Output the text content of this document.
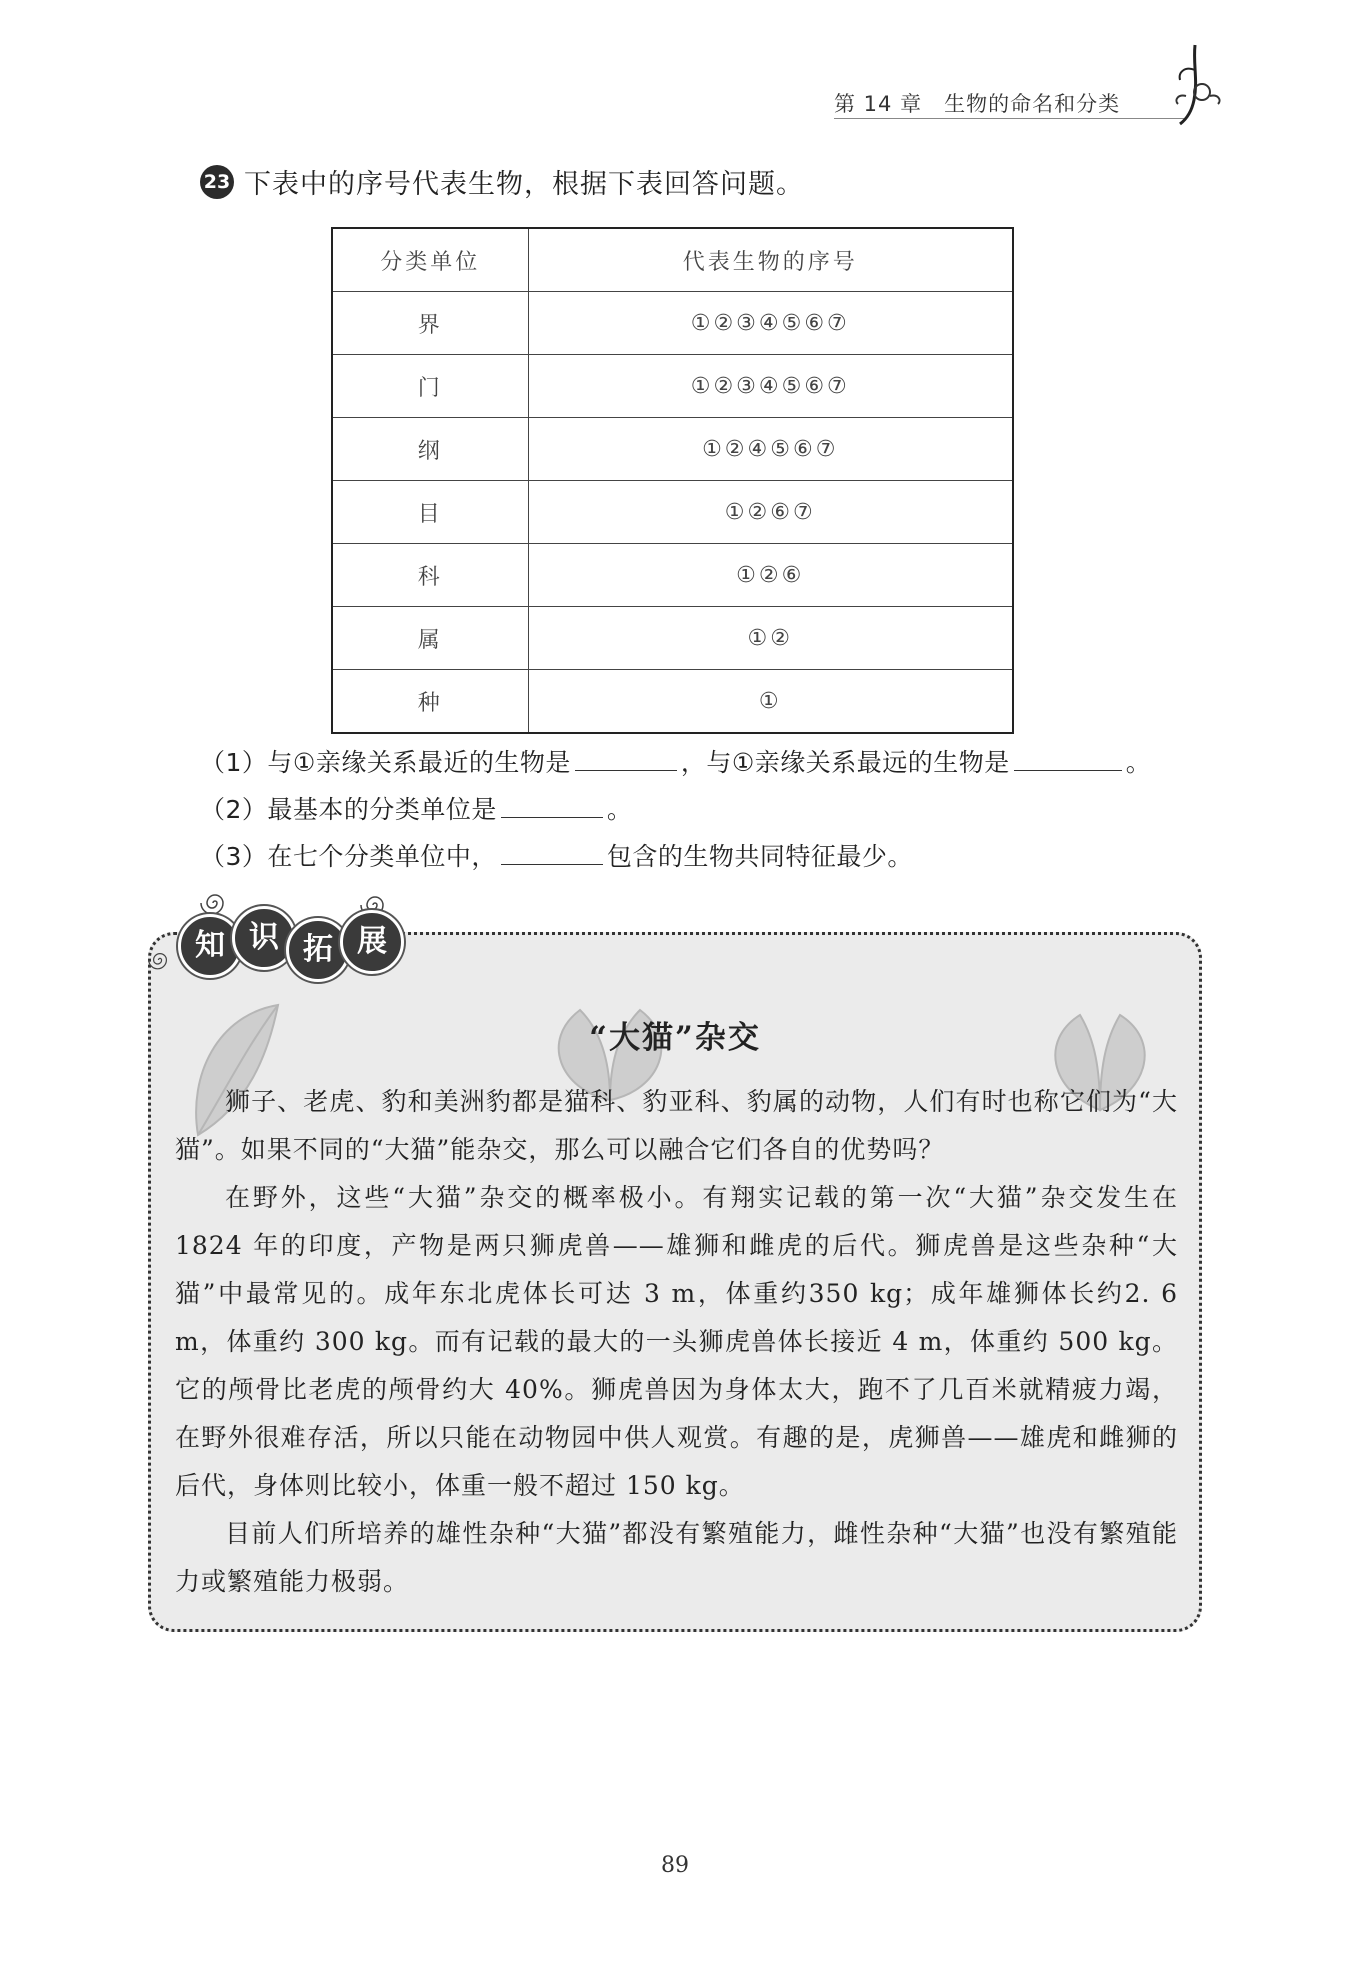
第 14 章 生物的命名和分类
23 下表中的序号代表生物，根据下表回答问题。
分类单位	代表生物的序号
界	①②③④⑤⑥⑦
门	①②③④⑤⑥⑦
纲	①②④⑤⑥⑦
目	①②⑥⑦
科	①②⑥
属	①②
种	①
（1）与①亲缘关系最近的生物是	，与①亲缘关系最远的生物是	。
（2）最基本的分类单位是	。
（3）在七个分类单位中，	包含的生物共同特征最少。
知 识 拓 展
“大猫”杂交

狮子、老虎、豹和美洲豹都是猫科、豹亚科、豹属的动物，人们有时也称它们为“大猫”。如果不同的“大猫”能杂交，那么可以融合它们各自的优势吗？

在野外，这些“大猫”杂交的概率极小。有翔实记载的第一次“大猫”杂交发生在1824 年的印度，产物是两只狮虎兽——雄狮和雌虎的后代。狮虎兽是这些杂种“大猫”中最常见的。成年东北虎体长可达 3 m，体重约350 kg；成年雄狮体长约2. 6 m，体重约 300 kg。而有记载的最大的一头狮虎兽体长接近 4 m，体重约 500 kg。它的颅骨比老虎的颅骨约大 40%。狮虎兽因为身体太大，跑不了几百米就精疲力竭，在野外很难存活，所以只能在动物园中供人观赏。有趣的是，虎狮兽——雄虎和雌狮的后代，身体则比较小，体重一般不超过 150 kg。

目前人们所培养的雄性杂种“大猫”都没有繁殖能力，雌性杂种“大猫”也没有繁殖能力或繁殖能力极弱。

89
